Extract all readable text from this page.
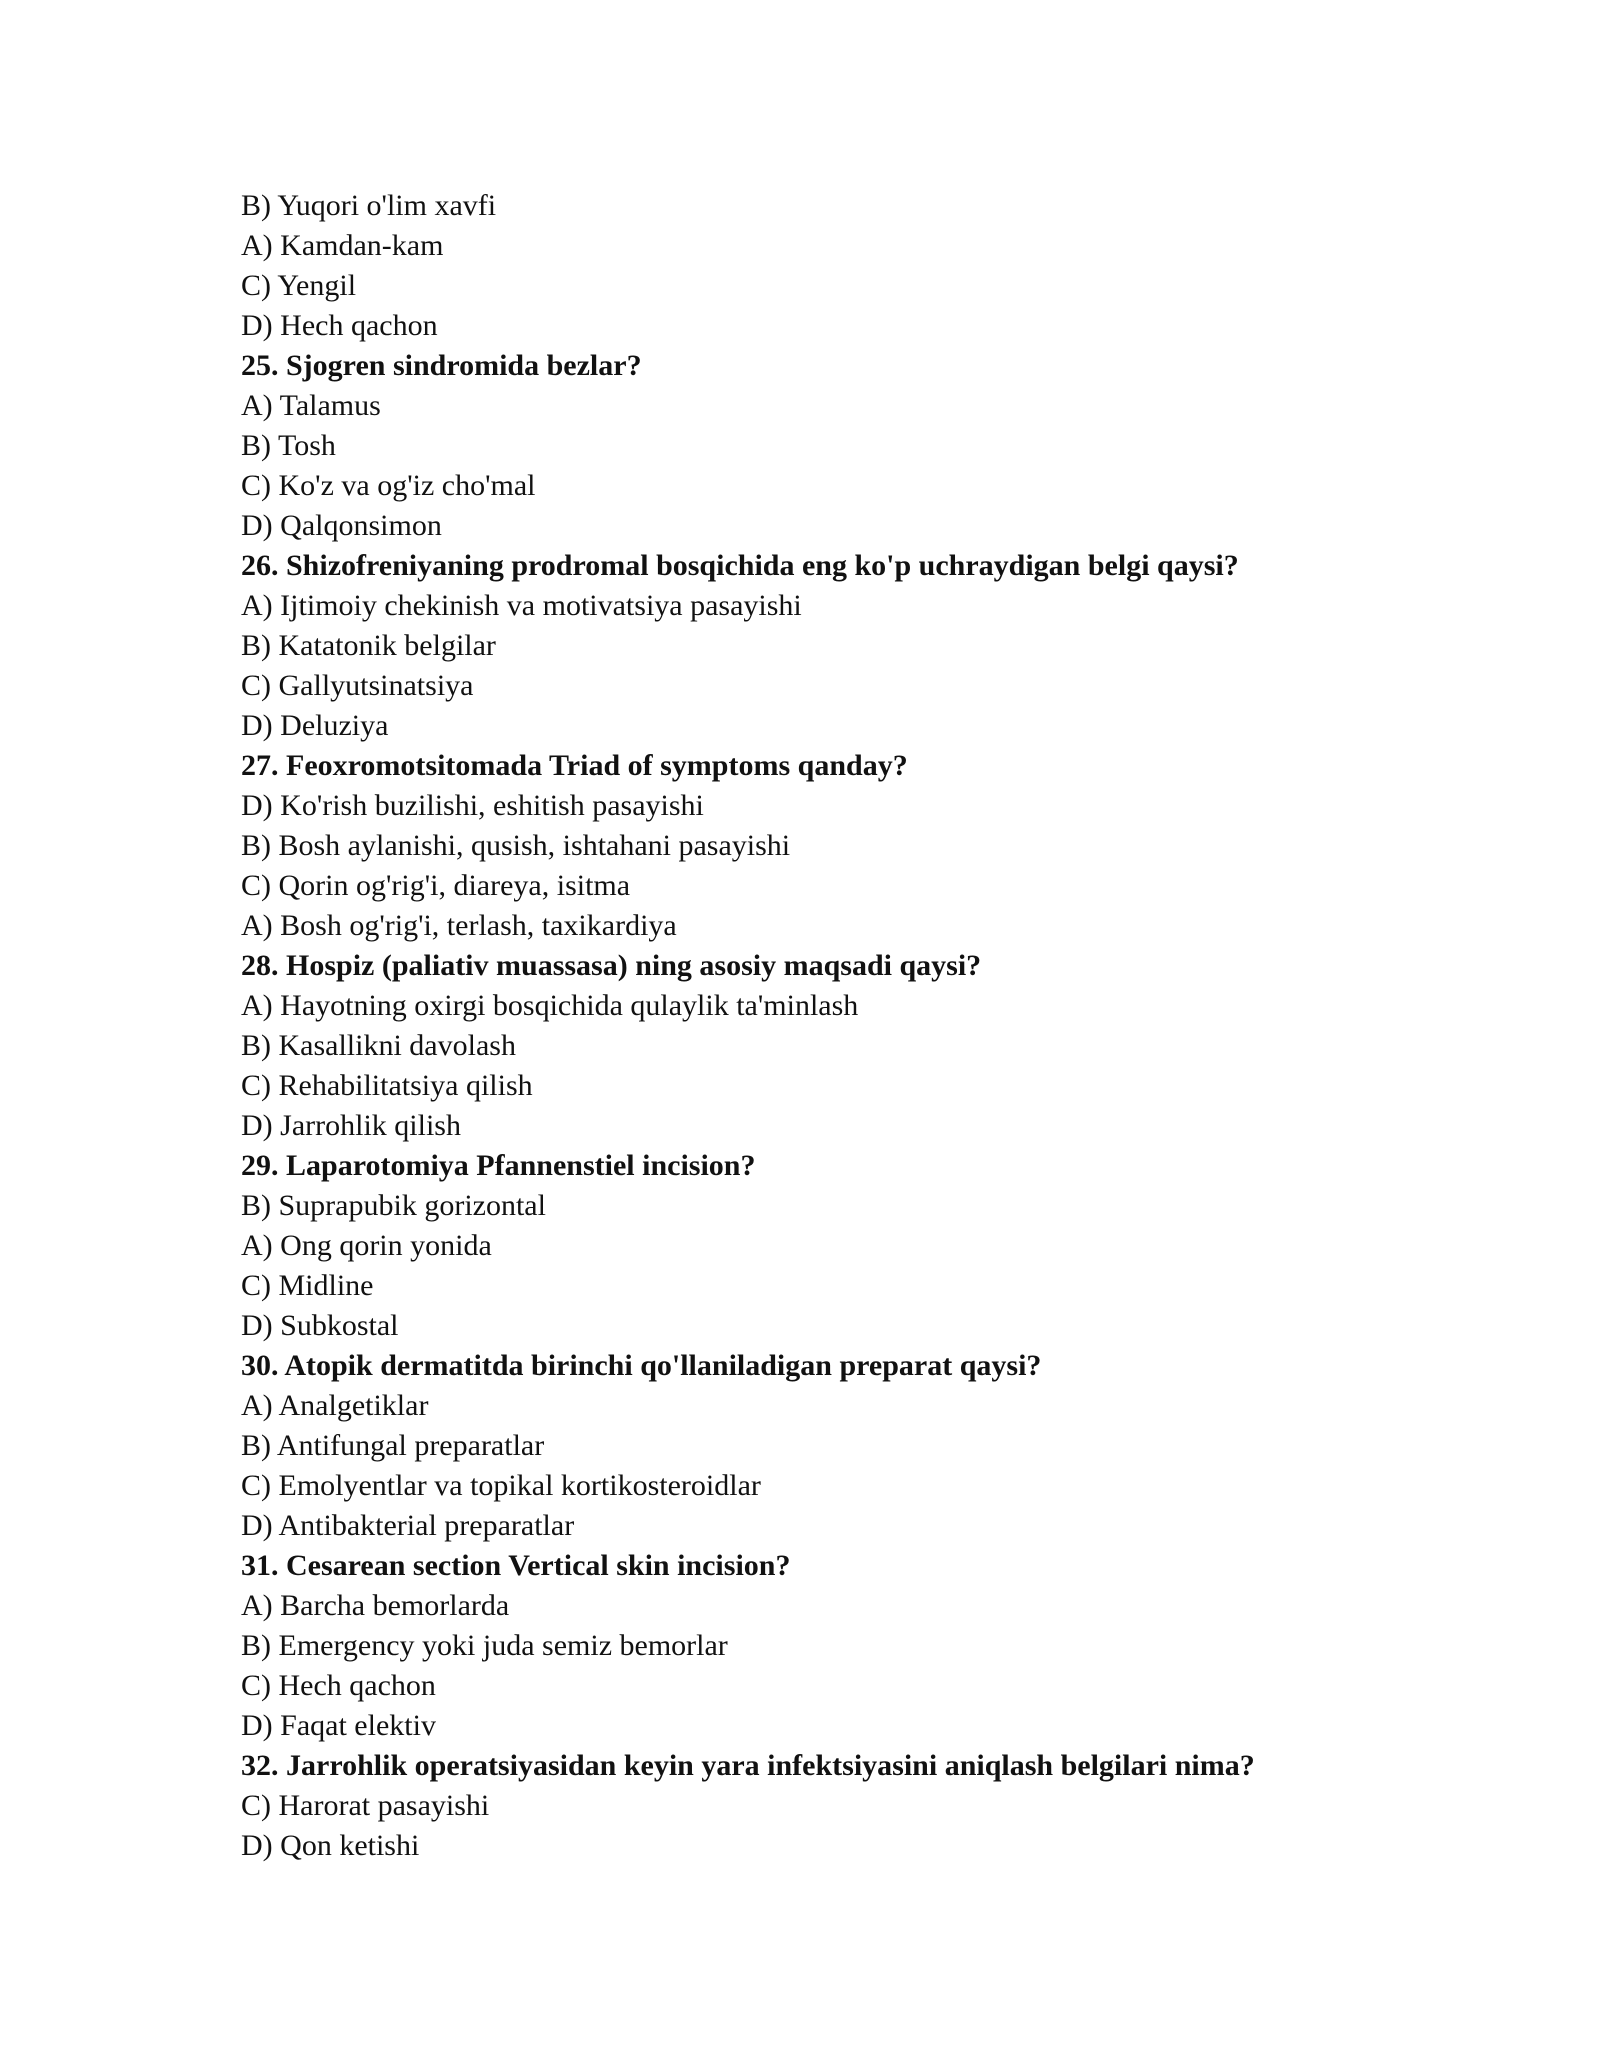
B) Yuqori o'lim xavfi
A) Kamdan-kam
C) Yengil
D) Hech qachon
25. Sjogren sindromida bezlar?
A) Talamus
B) Tosh
C) Ko'z va og'iz cho'mal
D) Qalqonsimon
26. Shizofreniyaning prodromal bosqichida eng ko'p uchraydigan belgi qaysi?
A) Ijtimoiy chekinish va motivatsiya pasayishi
B) Katatonik belgilar
C) Gallyutsinatsiya
D) Deluziya
27. Feoxromotsitomada Triad of symptoms qanday?
D) Ko'rish buzilishi, eshitish pasayishi
B) Bosh aylanishi, qusish, ishtahani pasayishi
C) Qorin og'rig'i, diareya, isitma
A) Bosh og'rig'i, terlash, taxikardiya
28. Hospiz (paliativ muassasa) ning asosiy maqsadi qaysi?
A) Hayotning oxirgi bosqichida qulaylik ta'minlash
B) Kasallikni davolash
C) Rehabilitatsiya qilish
D) Jarrohlik qilish
29. Laparotomiya Pfannenstiel incision?
B) Suprapubik gorizontal
A) Ong qorin yonida
C) Midline
D) Subkostal
30. Atopik dermatitda birinchi qo'llaniladigan preparat qaysi?
A) Analgetiklar
B) Antifungal preparatlar
C) Emolyentlar va topikal kortikosteroidlar
D) Antibakterial preparatlar
31. Cesarean section Vertical skin incision?
A) Barcha bemorlarda
B) Emergency yoki juda semiz bemorlar
C) Hech qachon
D) Faqat elektiv
32. Jarrohlik operatsiyasidan keyin yara infektsiyasini aniqlash belgilari nima?
C) Harorat pasayishi
D) Qon ketishi
